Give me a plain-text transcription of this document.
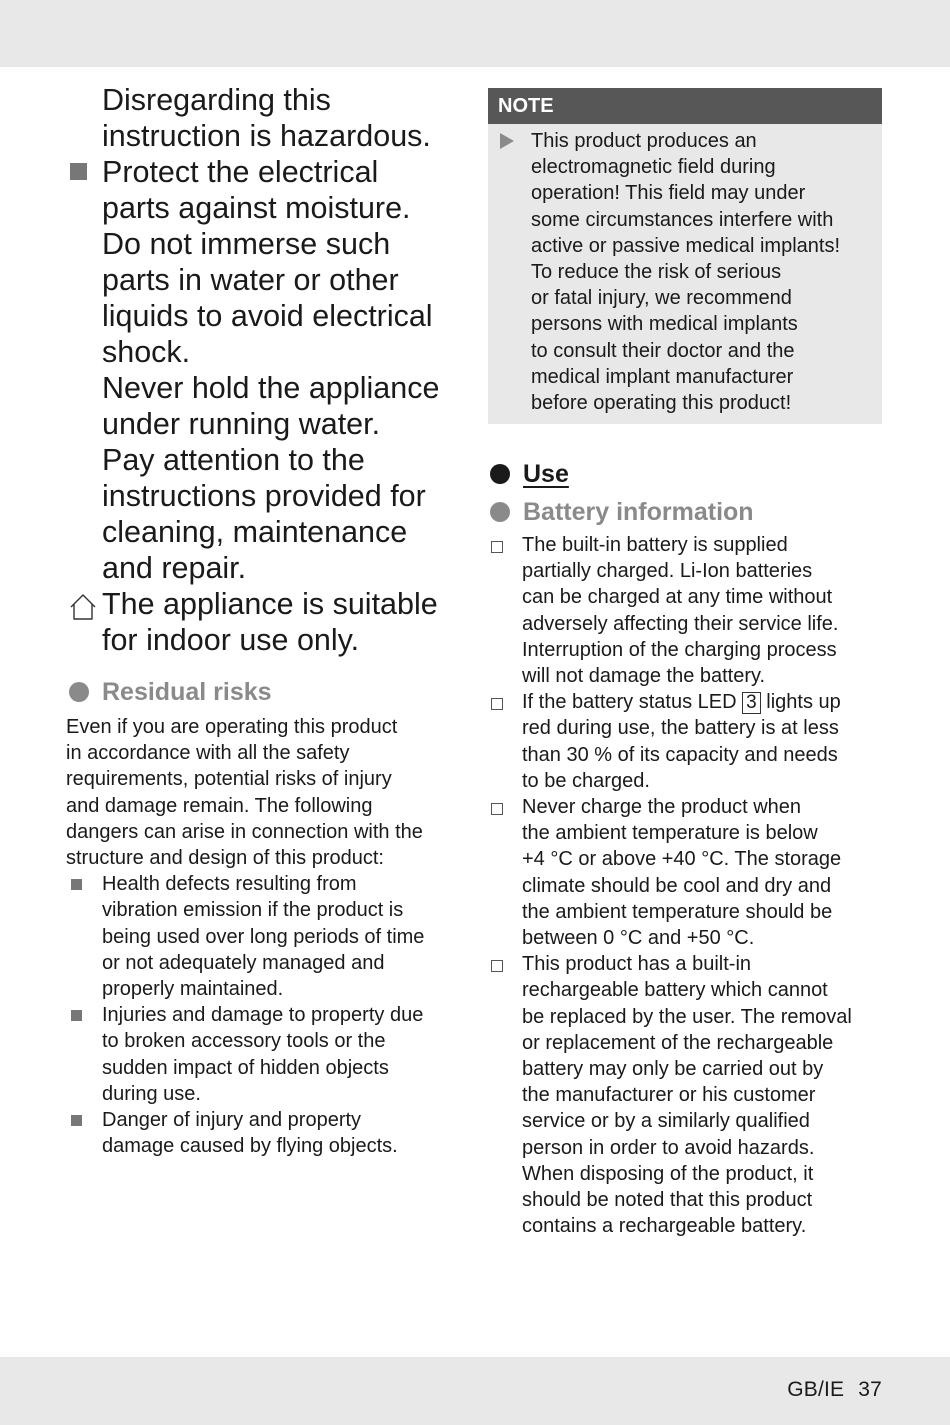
Disregarding this
instruction is hazardous.
Protect the electrical
parts against moisture.
Do not immerse such
parts in water or other
liquids to avoid electrical
shock.
Never hold the appliance
under running water.
Pay attention to the
instructions provided for
cleaning, maintenance
and repair.
The appliance is suitable
for indoor use only.
Residual risks
Even if you are operating this product
in accordance with all the safety
requirements, potential risks of injury
and damage remain. The following
dangers can arise in connection with the
structure and design of this product:
Health defects resulting from
vibration emission if the product is
being used over long periods of time
or not adequately managed and
properly maintained.
Injuries and damage to property due
to broken accessory tools or the
sudden impact of hidden objects
during use.
Danger of injury and property
damage caused by flying objects.
NOTE
This product produces an
electromagnetic field during
operation! This field may under
some circumstances interfere with
active or passive medical implants!
To reduce the risk of serious
or fatal injury, we recommend
persons with medical implants
to consult their doctor and the
medical implant manufacturer
before operating this product!
Use
Battery information
The built-in battery is supplied
partially charged. Li-Ion batteries
can be charged at any time without
adversely affecting their service life.
Interruption of the charging process
will not damage the battery.
If the battery status LED 3 lights up
red during use, the battery is at less
than 30 % of its capacity and needs
to be charged.
Never charge the product when
the ambient temperature is below
+4 °C or above +40 °C. The storage
climate should be cool and dry and
the ambient temperature should be
between 0 °C and +50 °C.
This product has a built-in
rechargeable battery which cannot
be replaced by the user. The removal
or replacement of the rechargeable
battery may only be carried out by
the manufacturer or his customer
service or by a similarly qualified
person in order to avoid hazards.
When disposing of the product, it
should be noted that this product
contains a rechargeable battery.
GB/IE 37
